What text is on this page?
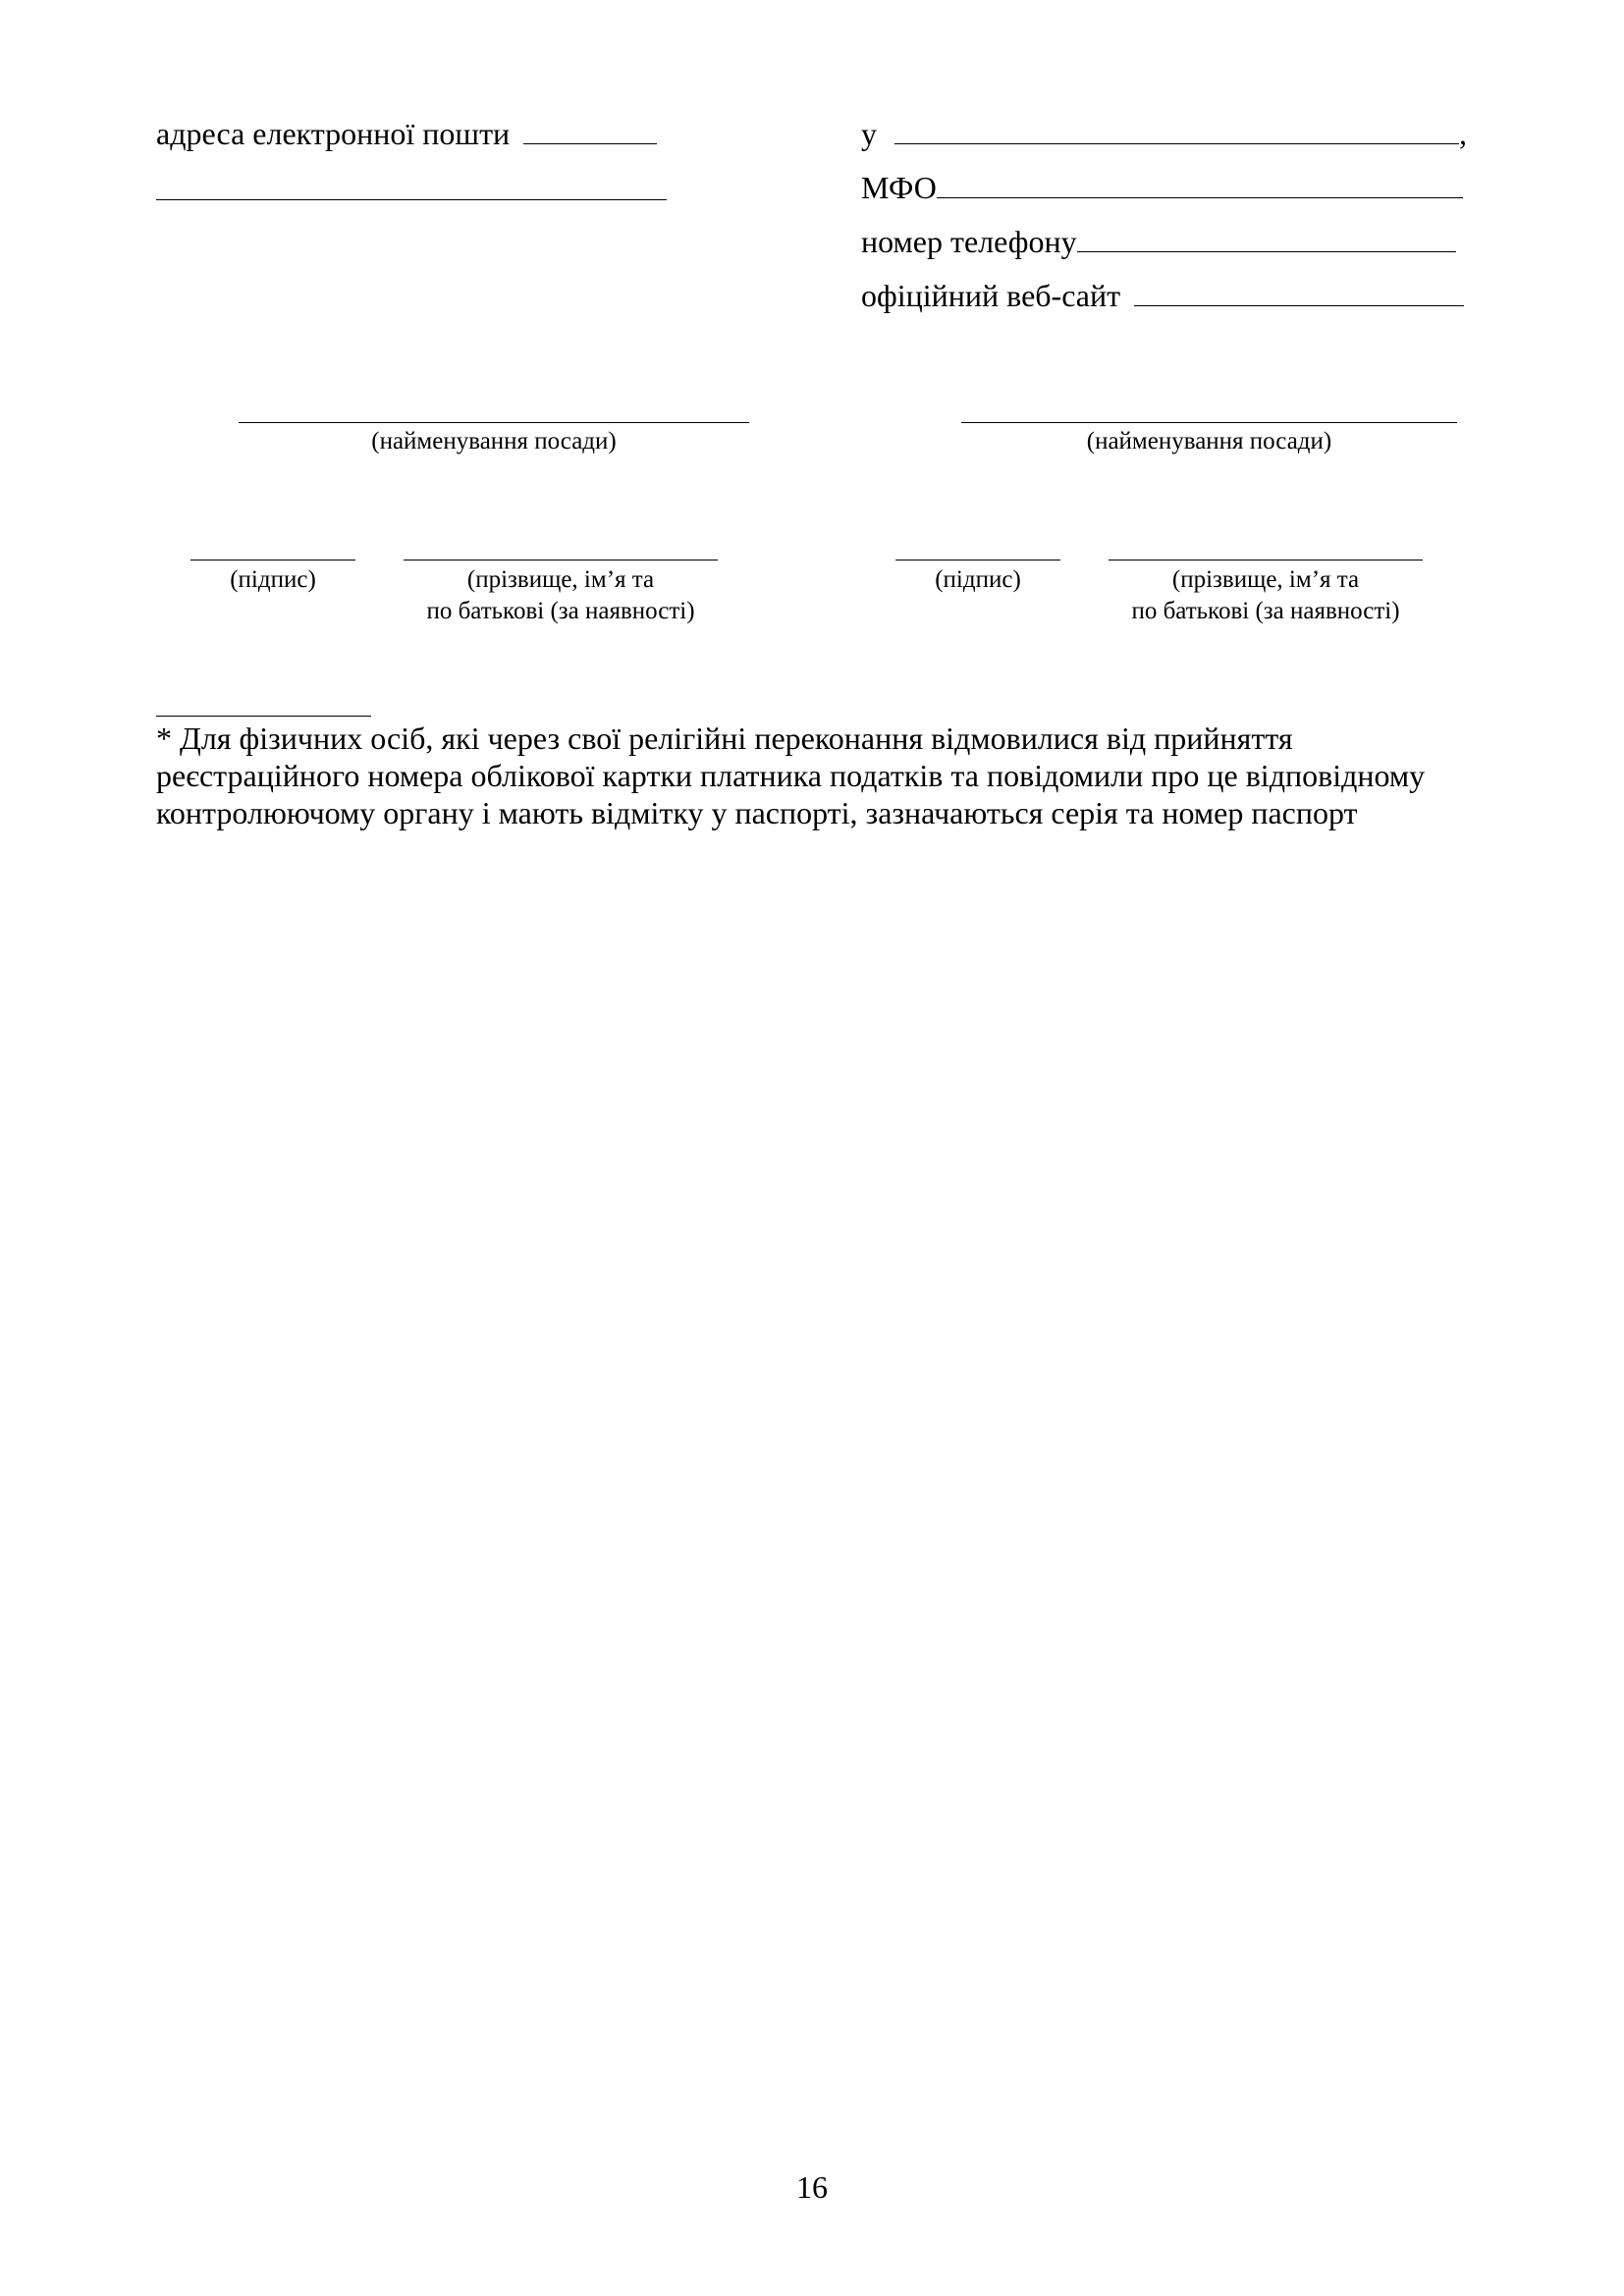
адреса електронної пошти	у	,
МФО
номер телефону
офіційний веб-сайт
(найменування посади)	(найменування посади)
(підпис)	(прізвище, ім’я та
по батькові (за наявності)
(підпис)	(прізвище, ім’я та
по батькові (за наявності)

* Для фізичних осіб, які через свої релігійні переконання відмовилися від прийняття

реєстраційного номера облікової картки платника податків та повідомили про це відповідному

контролюючому органу і мають відмітку у паспорті, зазначаються серія та номер паспорт

16
